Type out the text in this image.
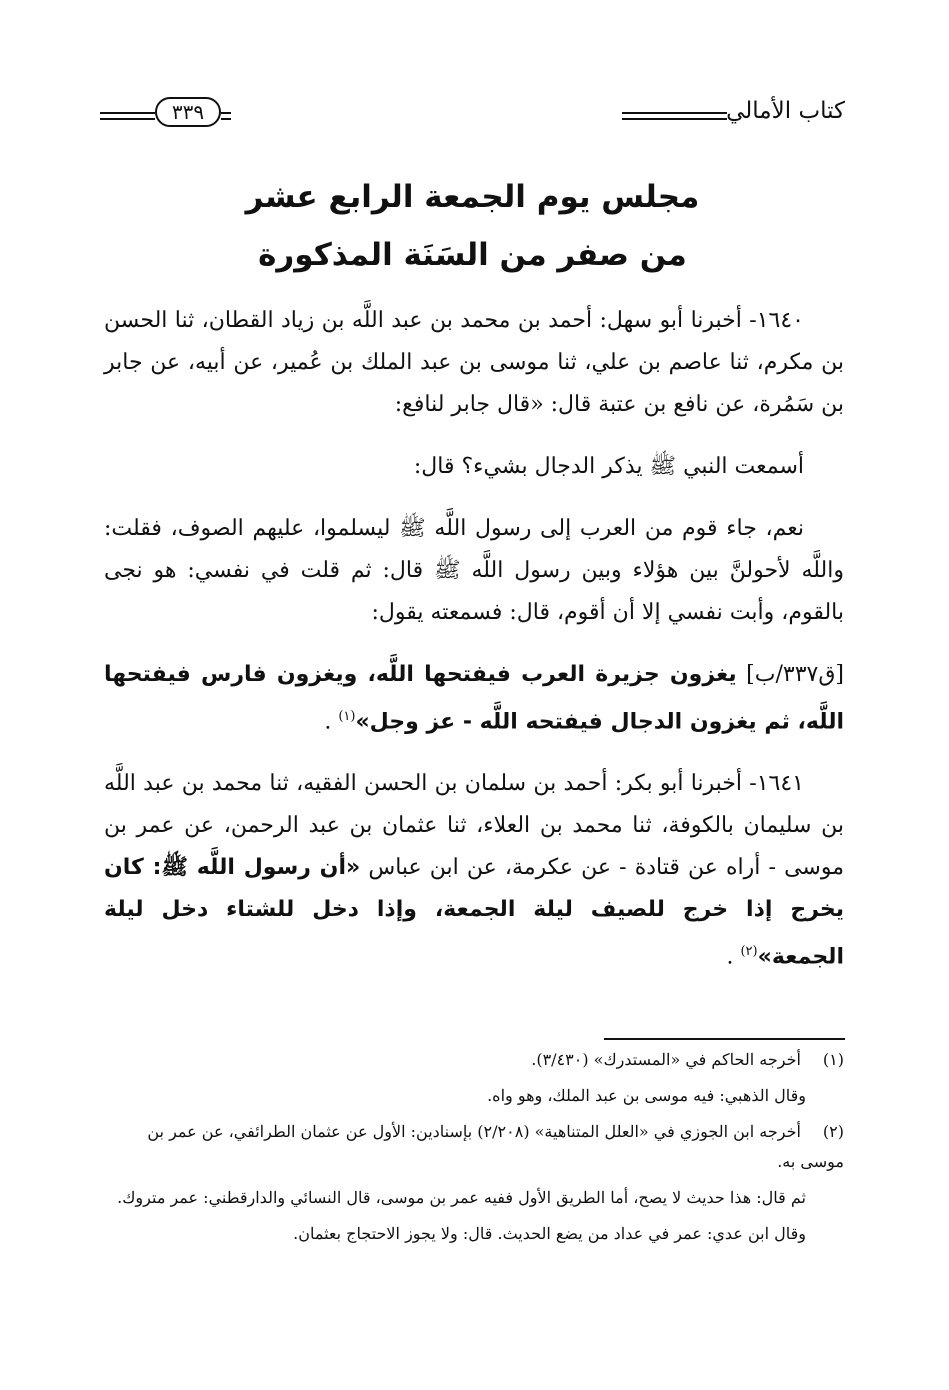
كتاب الأمالي
٣٣٩
مجلس يوم الجمعة الرابع عشر
من صفر من السَنَة المذكورة

١٦٤٠- أخبرنا أبو سهل: أحمد بن محمد بن عبد اللَّه بن زياد القطان، ثنا الحسن بن مكرم، ثنا عاصم بن علي، ثنا موسى بن عبد الملك بن عُمير، عن أبيه، عن جابر بن سَمُرة، عن نافع بن عتبة قال: «قال جابر لنافع:

أسمعت النبي ﷺ يذكر الدجال بشيء؟ قال:

نعم، جاء قوم من العرب إلى رسول اللَّه ﷺ ليسلموا، عليهم الصوف، فقلت: واللَّه لأحولنَّ بين هؤلاء وبين رسول اللَّه ﷺ قال: ثم قلت في نفسي: هو نجى بالقوم، وأبت نفسي إلا أن أقوم، قال: فسمعته يقول:

[ق٣٣٧/ب] يغزون جزيرة العرب فيفتحها اللَّه، ويغزون فارس فيفتحها اللَّه، ثم يغزون الدجال فيفتحه اللَّه - عز وجل»$^{(١)}$ .

١٦٤١- أخبرنا أبو بكر: أحمد بن سلمان بن الحسن الفقيه، ثنا محمد بن عبد اللَّه بن سليمان بالكوفة، ثنا محمد بن العلاء، ثنا عثمان بن عبد الرحمن، عن عمر بن موسى - أراه عن قتادة - عن عكرمة، عن ابن عباس «أن رسول اللَّه ﷺ: كان يخرج إذا خرج للصيف ليلة الجمعة، وإذا دخل للشتاء دخل ليلة الجمعة»$^{(٢)}$ .

(١) أخرجه الحاكم في «المستدرك» (٣/٤٣٠).
وقال الذهبي: فيه موسى بن عبد الملك، وهو واه.
(٢) أخرجه ابن الجوزي في «العلل المتناهية» (٢/٢٠٨) بإسنادين: الأول عن عثمان الطرائفي، عن عمر بن موسى به.
ثم قال: هذا حديث لا يصح، أما الطريق الأول ففيه عمر بن موسى، قال النسائي والدارقطني: عمر متروك.
وقال ابن عدي: عمر في عداد من يضع الحديث. قال: ولا يجوز الاحتجاج بعثمان.
